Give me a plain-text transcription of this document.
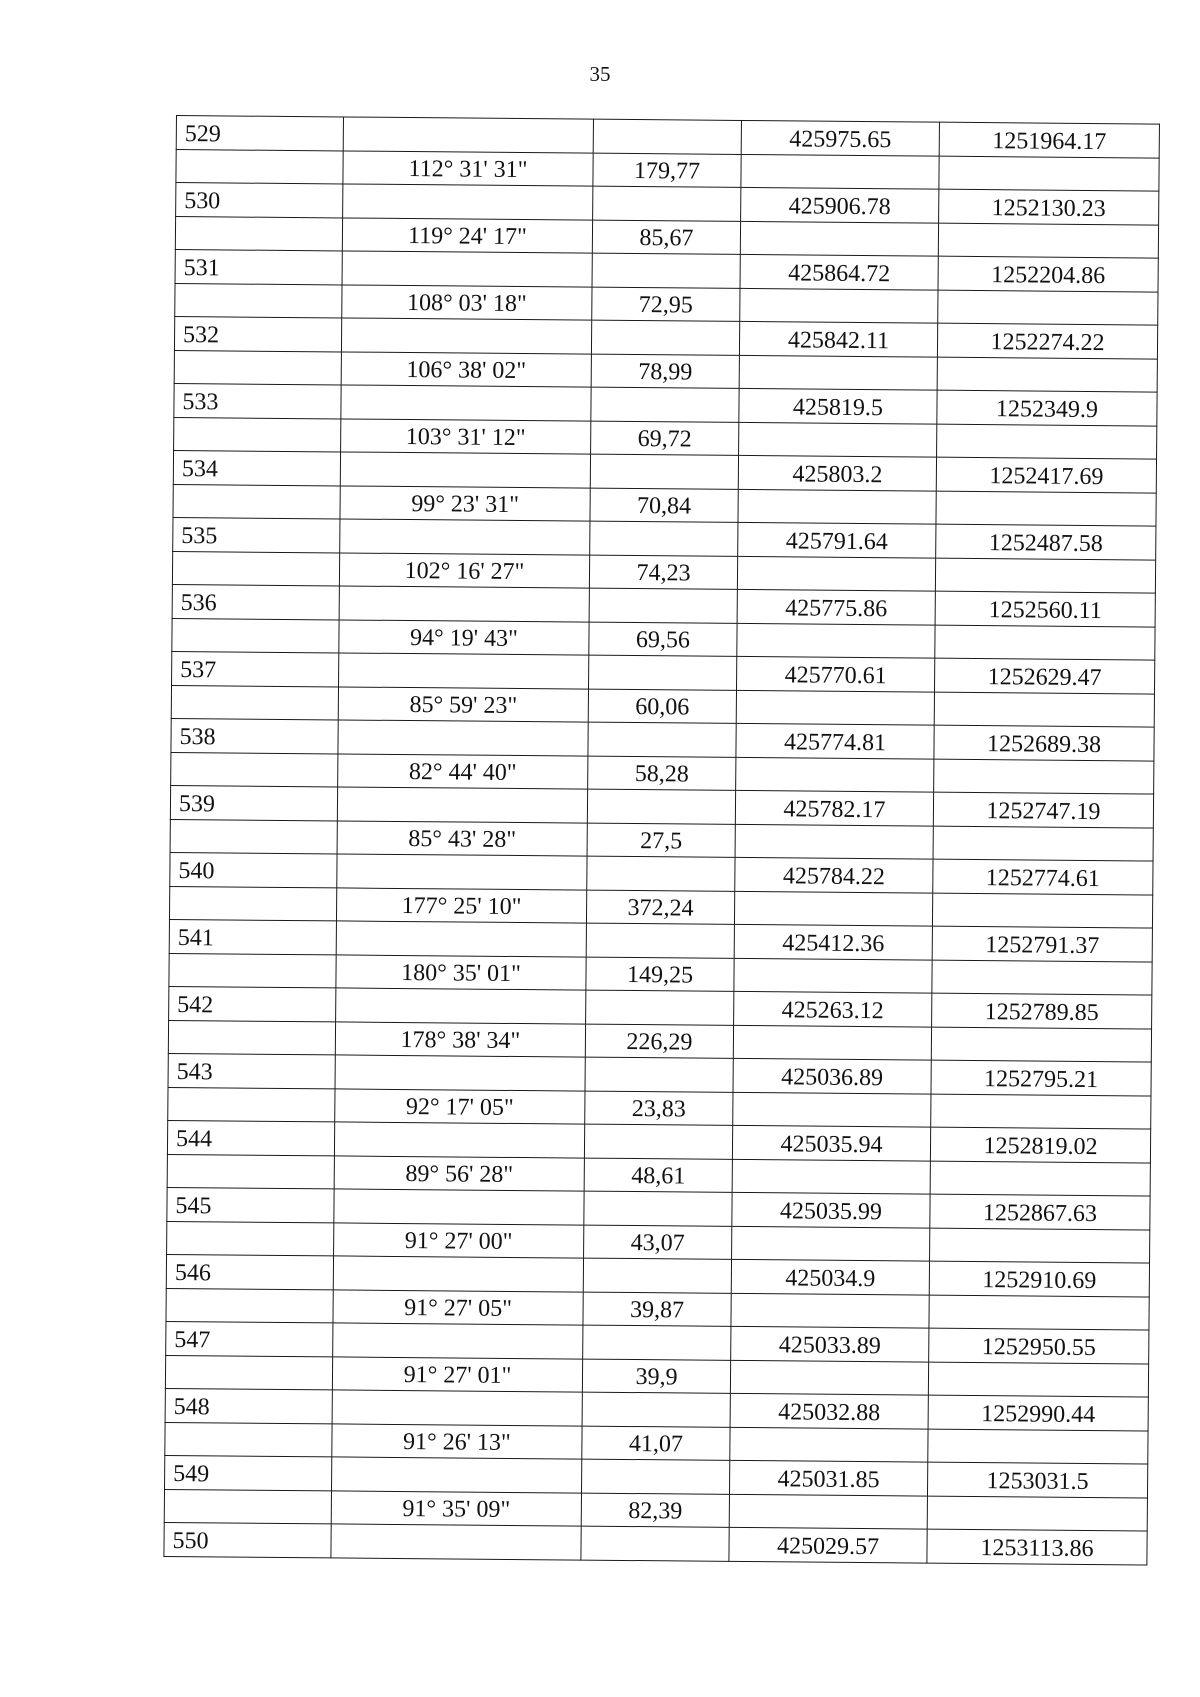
35
529			425975.65	1251964.17
	112° 31' 31"	179,77		
530			425906.78	1252130.23
	119° 24' 17"	85,67		
531			425864.72	1252204.86
	108° 03' 18"	72,95		
532			425842.11	1252274.22
	106° 38' 02"	78,99		
533			425819.5	1252349.9
	103° 31' 12"	69,72		
534			425803.2	1252417.69
	99° 23' 31"	70,84		
535			425791.64	1252487.58
	102° 16' 27"	74,23		
536			425775.86	1252560.11
	94° 19' 43"	69,56		
537			425770.61	1252629.47
	85° 59' 23"	60,06		
538			425774.81	1252689.38
	82° 44' 40"	58,28		
539			425782.17	1252747.19
	85° 43' 28"	27,5		
540			425784.22	1252774.61
	177° 25' 10"	372,24		
541			425412.36	1252791.37
	180° 35' 01"	149,25		
542			425263.12	1252789.85
	178° 38' 34"	226,29		
543			425036.89	1252795.21
	92° 17' 05"	23,83		
544			425035.94	1252819.02
	89° 56' 28"	48,61		
545			425035.99	1252867.63
	91° 27' 00"	43,07		
546			425034.9	1252910.69
	91° 27' 05"	39,87		
547			425033.89	1252950.55
	91° 27' 01"	39,9		
548			425032.88	1252990.44
	91° 26' 13"	41,07		
549			425031.85	1253031.5
	91° 35' 09"	82,39		
550			425029.57	1253113.86
